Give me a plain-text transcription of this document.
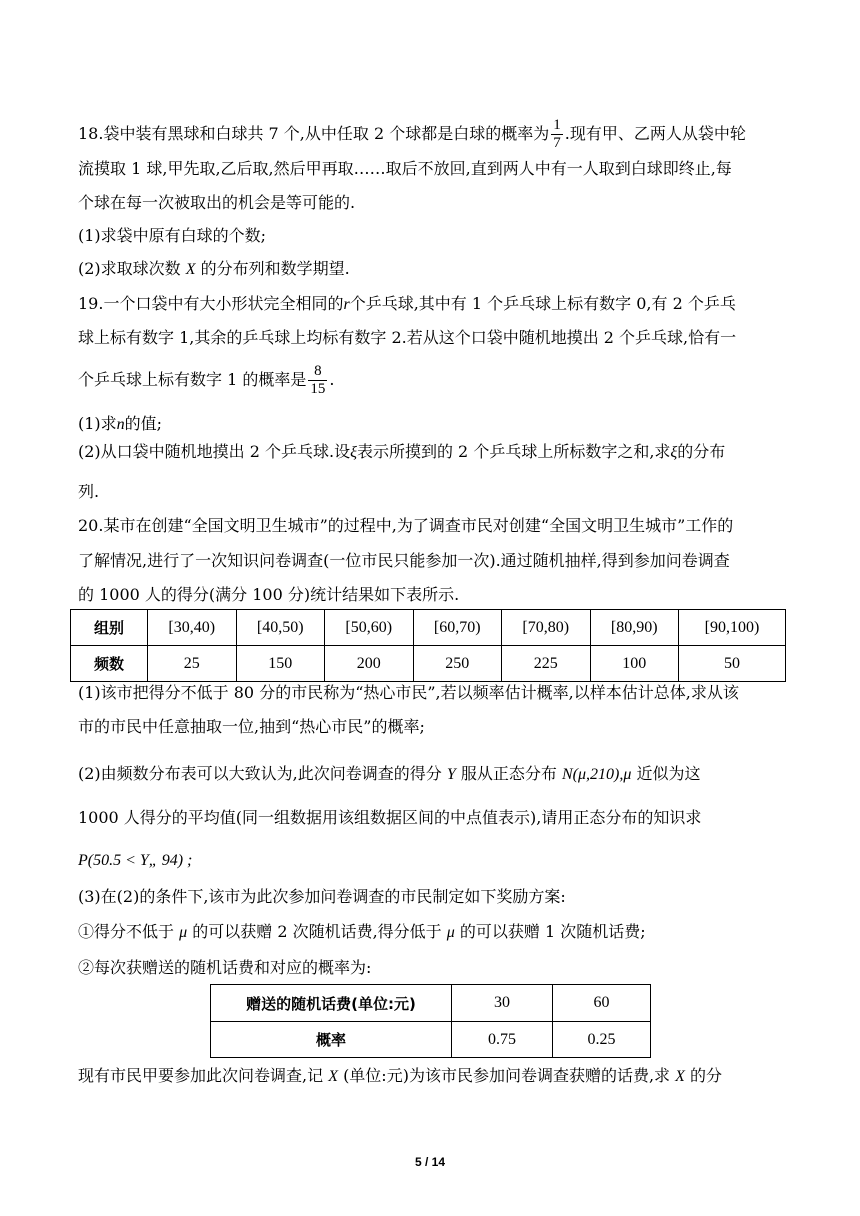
18.袋中装有黑球和白球共 7 个,从中任取 2 个球都是白球的概率为 $\frac{1}{7}$ .现有甲、乙两人从袋中轮
流摸取 1 球,甲先取,乙后取,然后甲再取……取后不放回,直到两人中有一人取到白球即终止,每
个球在每一次被取出的机会是等可能的.
(1)求袋中原有白球的个数;
(2)求取球次数 X 的分布列和数学期望.
19.一个口袋中有大小形状完全相同的r个乒乓球,其中有 1 个乒乓球上标有数字 0,有 2 个乒乓
球上标有数字 1,其余的乒乓球上均标有数字 2.若从这个口袋中随机地摸出 2 个乒乓球,恰有一
个乒乓球上标有数字 1 的概率是 $\frac{8}{15}$ .
(1)求n的值;
(2)从口袋中随机地摸出 2 个乒乓球.设ξ表示所摸到的 2 个乒乓球上所标数字之和,求ξ的分布
列.
20.某市在创建“全国文明卫生城市”的过程中,为了调查市民对创建“全国文明卫生城市”工作的
了解情况,进行了一次知识问卷调查(一位市民只能参加一次).通过随机抽样,得到参加问卷调查
的 1000 人的得分(满分 100 分)统计结果如下表所示.
组别	[30,40)	[40,50)	[50,60)	[60,70)	[70,80)	[80,90)	[90,100)
频数	25	150	200	250	225	100	50
(1)该市把得分不低于 80 分的市民称为“热心市民”,若以频率估计概率,以样本估计总体,求从该
市的市民中任意抽取一位,抽到“热心市民”的概率;
(2)由频数分布表可以大致认为,此次问卷调查的得分 Y 服从正态分布 N(μ,210),μ 近似为这
1000 人得分的平均值(同一组数据用该组数据区间的中点值表示),请用正态分布的知识求
P(50.5 < Y„ 94) ;
(3)在(2)的条件下,该市为此次参加问卷调查的市民制定如下奖励方案:
①得分不低于 μ 的可以获赠 2 次随机话费,得分低于 μ 的可以获赠 1 次随机话费;
②每次获赠送的随机话费和对应的概率为:
赠送的随机话费(单位:元)	30	60
概率	0.75	0.25
现有市民甲要参加此次问卷调查,记 X (单位:元)为该市民参加问卷调查获赠的话费,求 X 的分
5 / 14
